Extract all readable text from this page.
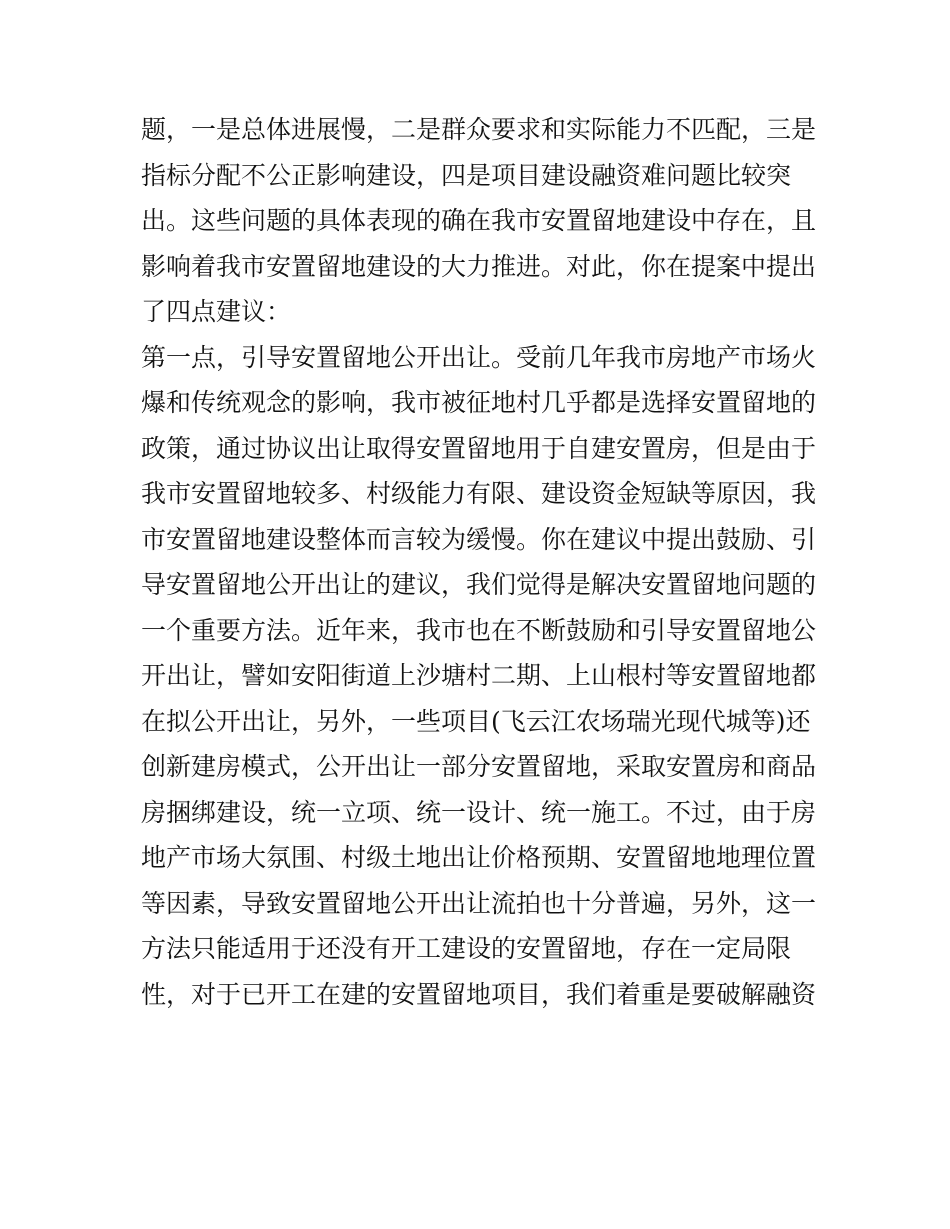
题，一是总体进展慢，二是群众要求和实际能力不匹配，三是
指标分配不公正影响建设，四是项目建设融资难问题比较突
出。这些问题的具体表现的确在我市安置留地建设中存在，且
影响着我市安置留地建设的大力推进。对此，你在提案中提出
了四点建议：
第一点，引导安置留地公开出让。受前几年我市房地产市场火
爆和传统观念的影响，我市被征地村几乎都是选择安置留地的
政策，通过协议出让取得安置留地用于自建安置房，但是由于
我市安置留地较多、村级能力有限、建设资金短缺等原因，我
市安置留地建设整体而言较为缓慢。你在建议中提出鼓励、引
导安置留地公开出让的建议，我们觉得是解决安置留地问题的
一个重要方法。近年来，我市也在不断鼓励和引导安置留地公
开出让，譬如安阳街道上沙塘村二期、上山根村等安置留地都
在拟公开出让，另外，一些项目(飞云江农场瑞光现代城等)还
创新建房模式，公开出让一部分安置留地，采取安置房和商品
房捆绑建设，统一立项、统一设计、统一施工。不过，由于房
地产市场大氛围、村级土地出让价格预期、安置留地地理位置
等因素，导致安置留地公开出让流拍也十分普遍，另外，这一
方法只能适用于还没有开工建设的安置留地，存在一定局限
性，对于已开工在建的安置留地项目，我们着重是要破解融资
